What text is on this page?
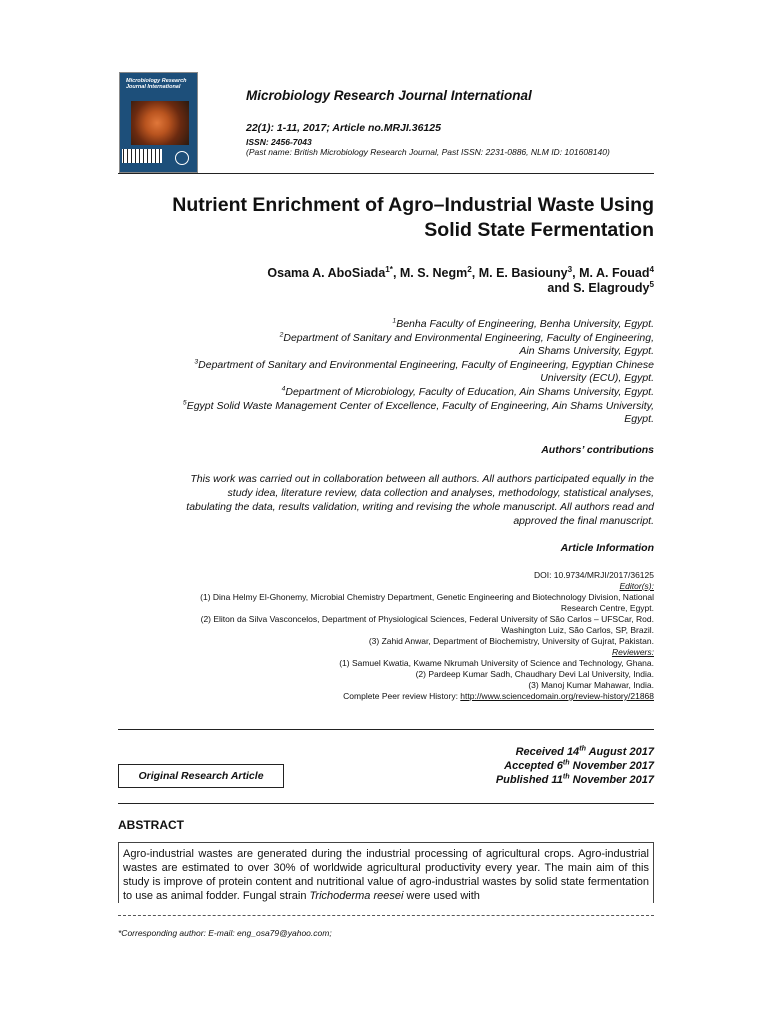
Microbiology Research
Journal International
Microbiology Research Journal International
22(1): 1-11, 2017; Article no.MRJI.36125
ISSN: 2456-7043
(Past name: British Microbiology Research Journal, Past ISSN: 2231-0886, NLM ID: 101608140)
Nutrient Enrichment of Agro–Industrial Waste Using
Solid State Fermentation
Osama A. AboSiada$^{1*}$, M. S. Negm$^2$, M. E. Basiouny$^3$, M. A. Fouad$^4$
and S. Elagroudy$^5$
$^1$Benha Faculty of Engineering, Benha University, Egypt.
$^2$Department of Sanitary and Environmental Engineering, Faculty of Engineering,
Ain Shams University, Egypt.
$^3$Department of Sanitary and Environmental Engineering, Faculty of Engineering, Egyptian Chinese
University (ECU), Egypt.
$^4$Department of Microbiology, Faculty of Education, Ain Shams University, Egypt.
$^5$Egypt Solid Waste Management Center of Excellence, Faculty of Engineering, Ain Shams University,
Egypt.
Authors’ contributions
This work was carried out in collaboration between all authors. All authors participated equally in the
study idea, literature review, data collection and analyses, methodology, statistical analyses,
tabulating the data, results validation, writing and revising the whole manuscript. All authors read and
approved the final manuscript.
Article Information
DOI: 10.9734/MRJI/2017/36125
Editor(s):
(1) Dina Helmy El-Ghonemy, Microbial Chemistry Department, Genetic Engineering and Biotechnology Division, National
Research Centre, Egypt.
(2) Eliton da Silva Vasconcelos, Department of Physiological Sciences, Federal University of São Carlos – UFSCar, Rod.
Washington Luiz, São Carlos, SP, Brazil.
(3) Zahid Anwar, Department of Biochemistry, University of Gujrat, Pakistan.
Reviewers:
(1) Samuel Kwatia, Kwame Nkrumah University of Science and Technology, Ghana.
(2) Pardeep Kumar Sadh, Chaudhary Devi Lal University, India.
(3) Manoj Kumar Mahawar, India.
Complete Peer review History: http://www.sciencedomain.org/review-history/21868
Original Research Article
Received 14th August 2017
Accepted 6th November 2017
Published 11th November 2017
ABSTRACT
Agro-industrial wastes are generated during the industrial processing of agricultural crops. Agro-industrial wastes are estimated to over 30% of worldwide agricultural productivity every year. The main aim of this study is improve of protein content and nutritional value of agro-industrial wastes by solid state fermentation to use as animal fodder. Fungal strain Trichoderma reesei were used with
*Corresponding author: E-mail: eng_osa79@yahoo.com;
